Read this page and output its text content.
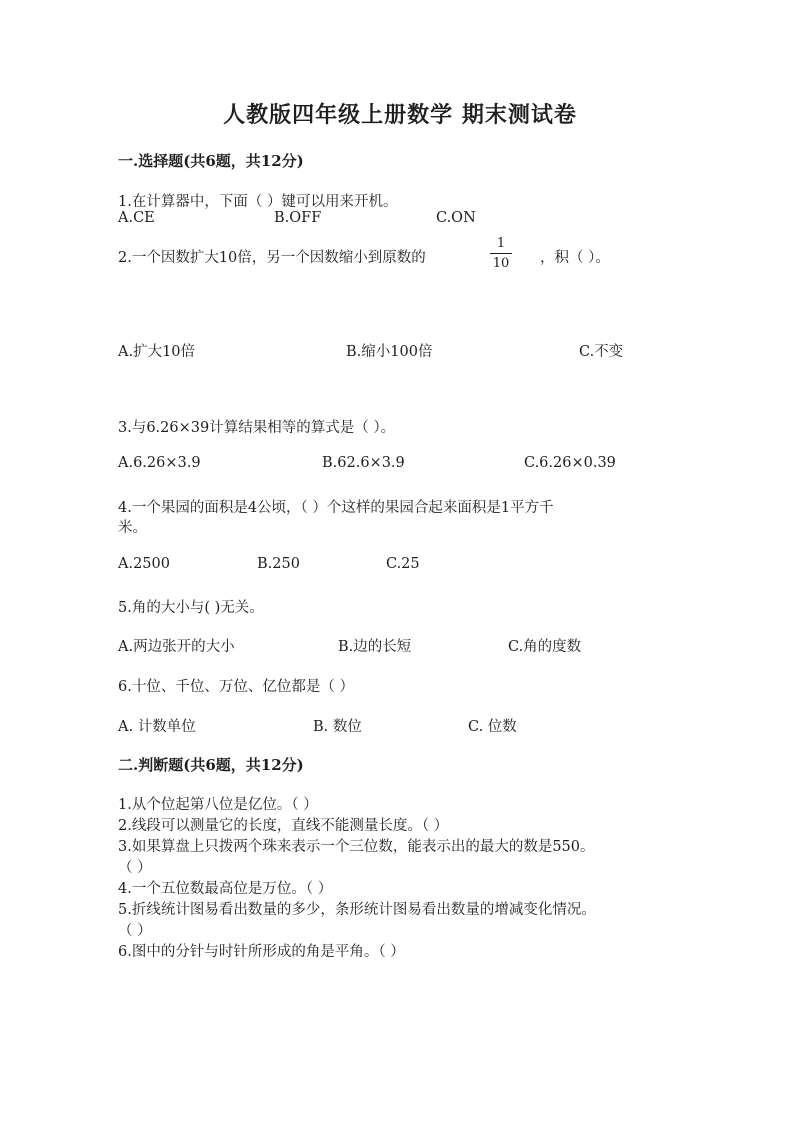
人教版四年级上册数学 期末测试卷
一.选择题(共6题，共12分)
1.在计算器中，下面（ ）键可以用来开机。
A.CE	B.OFF	C.ON
2.一个因数扩大10倍，另一个因数缩小到原数的
1
10 ，积（ ）。
A.扩大10倍	B.缩小100倍	C.不变
3.与6.26×39计算结果相等的算式是（ ）。
A.6.26×3.9	B.62.6×3.9	C.6.26×0.39
4.一个果园的面积是4公顷，（ ）个这样的果园合起来面积是1平方千
米。
A.2500	B.250	C.25
5.角的大小与( )无关。
A.两边张开的大小	B.边的长短	C.角的度数
6.十位、千位、万位、亿位都是（ ）
A. 计数单位	B. 数位	C. 位数
二.判断题(共6题，共12分)
1.从个位起第八位是亿位。（ ）
2.线段可以测量它的长度，直线不能测量长度。（ ）
3.如果算盘上只拨两个珠来表示一个三位数，能表示出的最大的数是550。
（ ）
4.一个五位数最高位是万位。（ ）
5.折线统计图易看出数量的多少，条形统计图易看出数量的增减变化情况。
（ ）
6.图中的分针与时针所形成的角是平角。（ ）
